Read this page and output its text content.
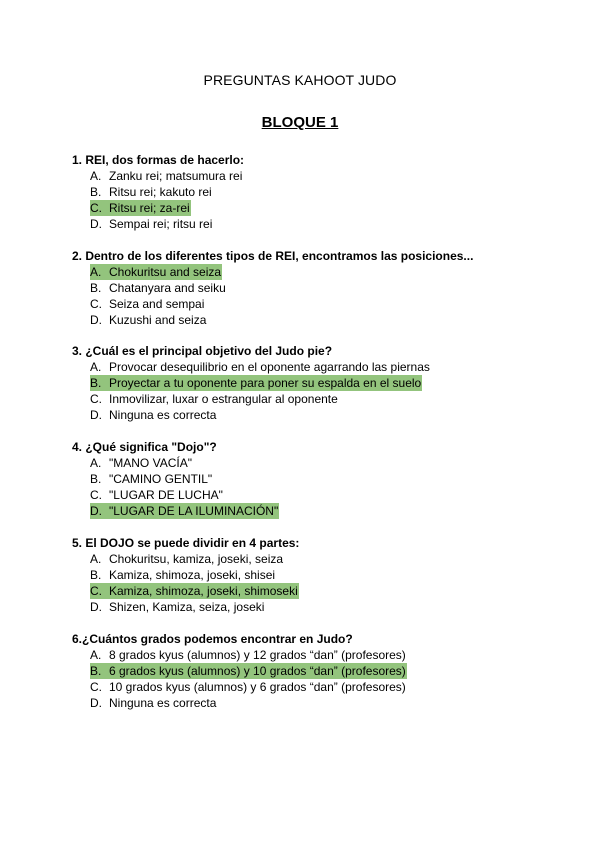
PREGUNTAS KAHOOT JUDO
BLOQUE 1
1. REI, dos formas de hacerlo:
A. Zanku rei; matsumura rei
B. Ritsu rei; kakuto rei
C. Ritsu rei; za-rei
D. Sempai rei; ritsu rei
2. Dentro de los diferentes tipos de REI, encontramos las posiciones...
A. Chokuritsu and seiza
B. Chatanyara and seiku
C. Seiza and sempai
D. Kuzushi and seiza
3. ¿Cuál es el principal objetivo del Judo pie?
A. Provocar desequilibrio en el oponente agarrando las piernas
B. Proyectar a tu oponente para poner su espalda en el suelo
C. Inmovilizar, luxar o estrangular al oponente
D. Ninguna es correcta
4. ¿Qué significa "Dojo"?
A. "MANO VACÍA"
B. "CAMINO GENTIL"
C. "LUGAR DE LUCHA"
D. "LUGAR DE LA ILUMINACIÓN"
5. El DOJO se puede dividir en 4 partes:
A. Chokuritsu, kamiza, joseki, seiza
B. Kamiza, shimoza, joseki, shisei
C. Kamiza, shimoza, joseki, shimoseki
D. Shizen, Kamiza, seiza, joseki
6.¿Cuántos grados podemos encontrar en Judo?
A. 8 grados kyus (alumnos) y 12 grados “dan” (profesores)
B. 6 grados kyus (alumnos) y 10 grados “dan” (profesores)
C. 10 grados kyus (alumnos) y 6 grados “dan” (profesores)
D. Ninguna es correcta
